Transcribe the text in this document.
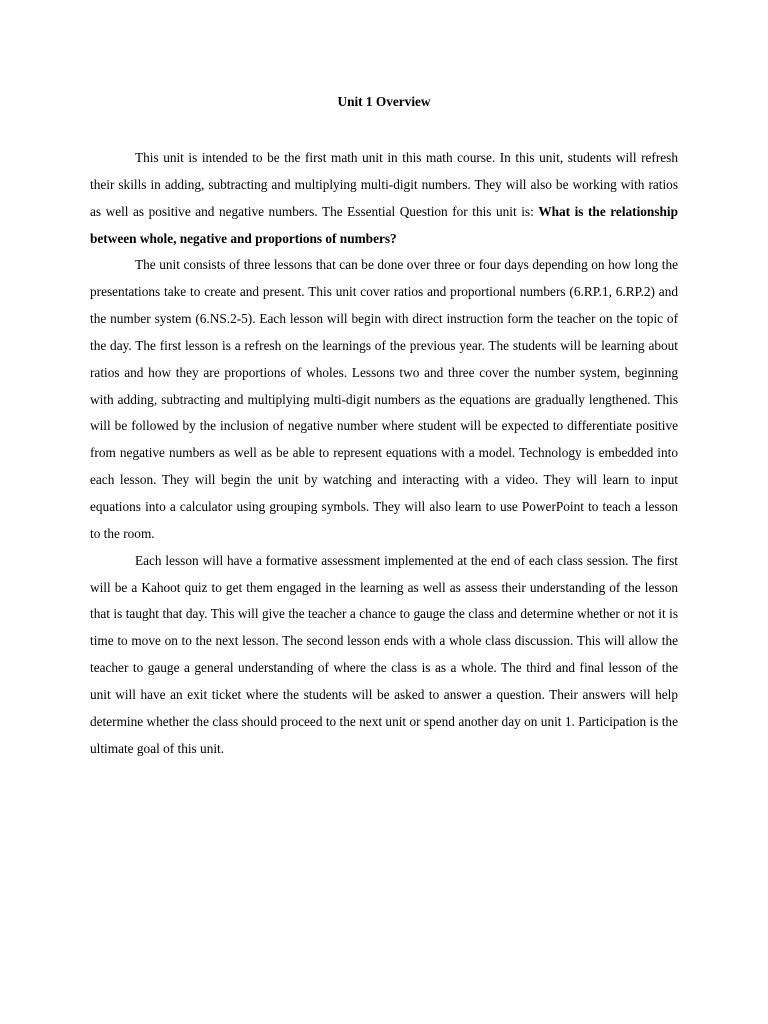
Unit 1 Overview

This unit is intended to be the first math unit in this math course. In this unit, students will refresh their skills in adding, subtracting and multiplying multi-digit numbers. They will also be working with ratios as well as positive and negative numbers. The Essential Question for this unit is: What is the relationship between whole, negative and proportions of numbers?

The unit consists of three lessons that can be done over three or four days depending on how long the presentations take to create and present. This unit cover ratios and proportional numbers (6.RP.1, 6.RP.2) and the number system (6.NS.2-5). Each lesson will begin with direct instruction form the teacher on the topic of the day. The first lesson is a refresh on the learnings of the previous year. The students will be learning about ratios and how they are proportions of wholes. Lessons two and three cover the number system, beginning with adding, subtracting and multiplying multi-digit numbers as the equations are gradually lengthened. This will be followed by the inclusion of negative number where student will be expected to differentiate positive from negative numbers as well as be able to represent equations with a model. Technology is embedded into each lesson. They will begin the unit by watching and interacting with a video. They will learn to input equations into a calculator using grouping symbols. They will also learn to use PowerPoint to teach a lesson to the room.

Each lesson will have a formative assessment implemented at the end of each class session. The first will be a Kahoot quiz to get them engaged in the learning as well as assess their understanding of the lesson that is taught that day. This will give the teacher a chance to gauge the class and determine whether or not it is time to move on to the next lesson. The second lesson ends with a whole class discussion. This will allow the teacher to gauge a general understanding of where the class is as a whole. The third and final lesson of the unit will have an exit ticket where the students will be asked to answer a question. Their answers will help determine whether the class should proceed to the next unit or spend another day on unit 1. Participation is the ultimate goal of this unit.
